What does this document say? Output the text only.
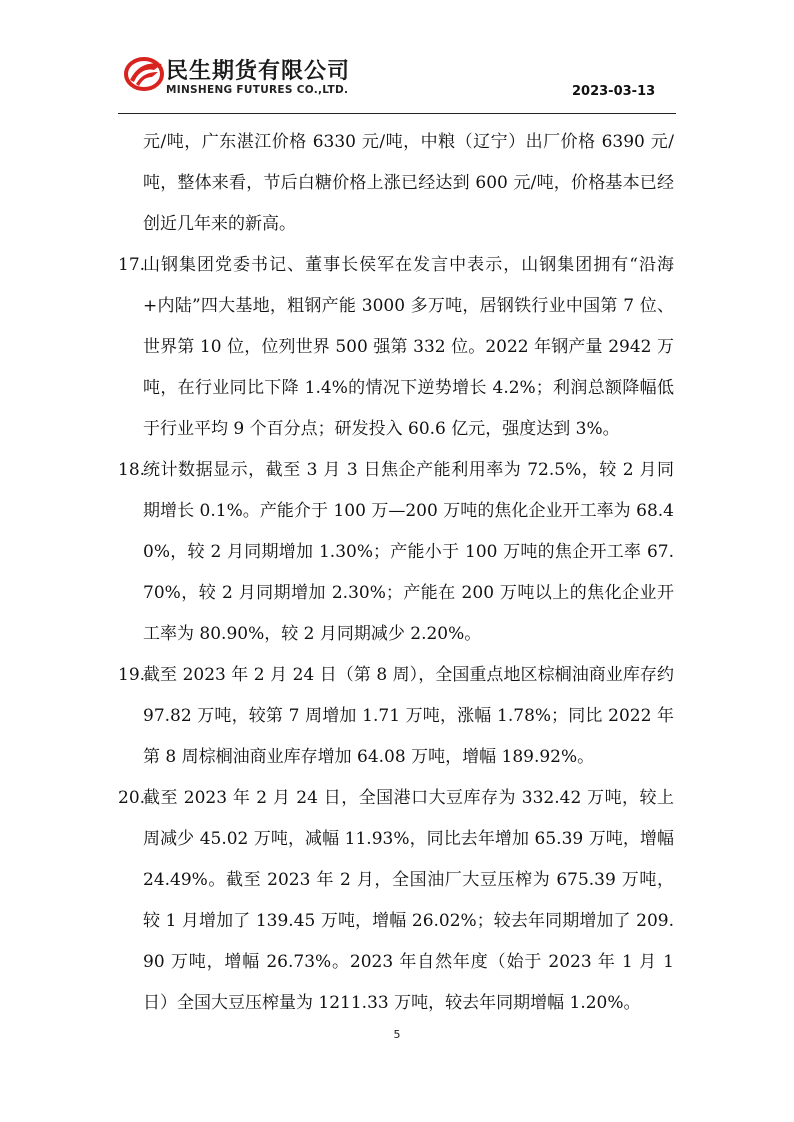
民生期货有限公司
MINSHENG FUTURES CO.,LTD.	2023-03-13
元/吨，广东湛江价格 6330 元/吨，中粮（辽宁）出厂价格 6390 元/吨，整体来看，节后白糖价格上涨已经达到 600 元/吨，价格基本已经创近几年来的新高。
17.
山钢集团党委书记、董事长侯军在发言中表示，山钢集团拥有“沿海+内陆”四大基地，粗钢产能 3000 多万吨，居钢铁行业中国第 7 位、世界第 10 位，位列世界 500 强第 332 位。2022 年钢产量 2942 万吨，在行业同比下降 1.4%的情况下逆势增长 4.2%；利润总额降幅低于行业平均 9 个百分点；研发投入 60.6 亿元，强度达到 3%。
18.
统计数据显示，截至 3 月 3 日焦企产能利用率为 72.5%，较 2 月同期增长 0.1%。产能介于 100 万—200 万吨的焦化企业开工率为 68.40%，较 2 月同期增加 1.30%；产能小于 100 万吨的焦企开工率 67.70%，较 2 月同期增加 2.30%；产能在 200 万吨以上的焦化企业开工率为 80.90%，较 2 月同期减少 2.20%。
19.
截至 2023 年 2 月 24 日（第 8 周），全国重点地区棕榈油商业库存约 97.82 万吨，较第 7 周增加 1.71 万吨，涨幅 1.78%；同比 2022 年第 8 周棕榈油商业库存增加 64.08 万吨，增幅 189.92%。
20.
截至 2023 年 2 月 24 日，全国港口大豆库存为 332.42 万吨，较上周减少 45.02 万吨，减幅 11.93%，同比去年增加 65.39 万吨，增幅 24.49%。截至 2023 年 2 月，全国油厂大豆压榨为 675.39 万吨，较 1 月增加了 139.45 万吨，增幅 26.02%；较去年同期增加了 209.90 万吨，增幅 26.73%。2023 年自然年度（始于 2023 年 1 月 1 日）全国大豆压榨量为 1211.33 万吨，较去年同期增幅 1.20%。
5
